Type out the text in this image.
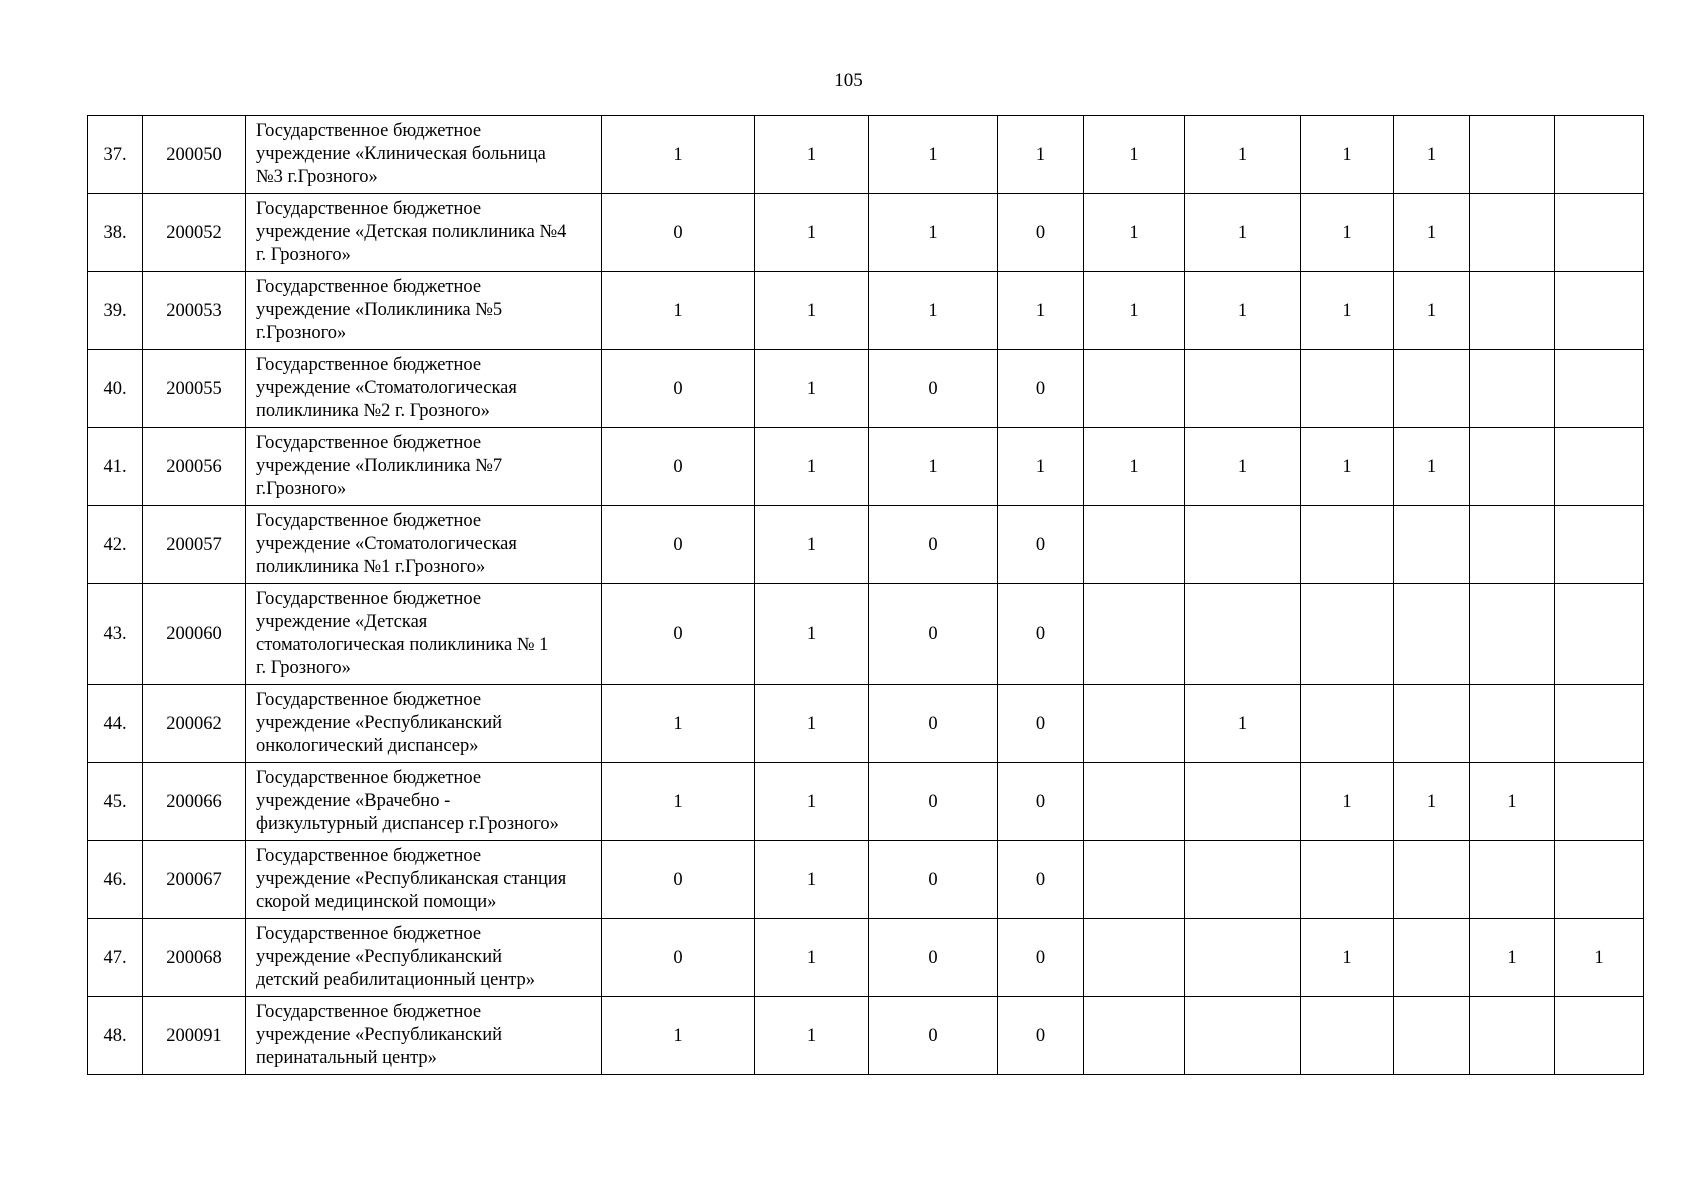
105
37.	200050	Государственное бюджетное
учреждение «Клиническая больница
№3 г.Грозного»	1	1	1	1	1	1	1	1		
38.	200052	Государственное бюджетное
учреждение «Детская поликлиника №4
г. Грозного»	0	1	1	0	1	1	1	1		
39.	200053	Государственное бюджетное
учреждение «Поликлиника №5
г.Грозного»	1	1	1	1	1	1	1	1		
40.	200055	Государственное бюджетное
учреждение «Стоматологическая
поликлиника №2 г. Грозного»	0	1	0	0						
41.	200056	Государственное бюджетное
учреждение «Поликлиника №7
г.Грозного»	0	1	1	1	1	1	1	1		
42.	200057	Государственное бюджетное
учреждение «Стоматологическая
поликлиника №1 г.Грозного»	0	1	0	0						
43.	200060	Государственное бюджетное
учреждение «Детская
стоматологическая поликлиника № 1
г. Грозного»	0	1	0	0						
44.	200062	Государственное бюджетное
учреждение «Республиканский
онкологический диспансер»	1	1	0	0		1				
45.	200066	Государственное бюджетное
учреждение «Врачебно -
физкультурный диспансер г.Грозного»	1	1	0	0			1	1	1	
46.	200067	Государственное бюджетное
учреждение «Республиканская станция
скорой медицинской помощи»	0	1	0	0						
47.	200068	Государственное бюджетное
учреждение «Республиканский
детский реабилитационный центр»	0	1	0	0			1		1	1
48.	200091	Государственное бюджетное
учреждение «Республиканский
перинатальный центр»	1	1	0	0						
